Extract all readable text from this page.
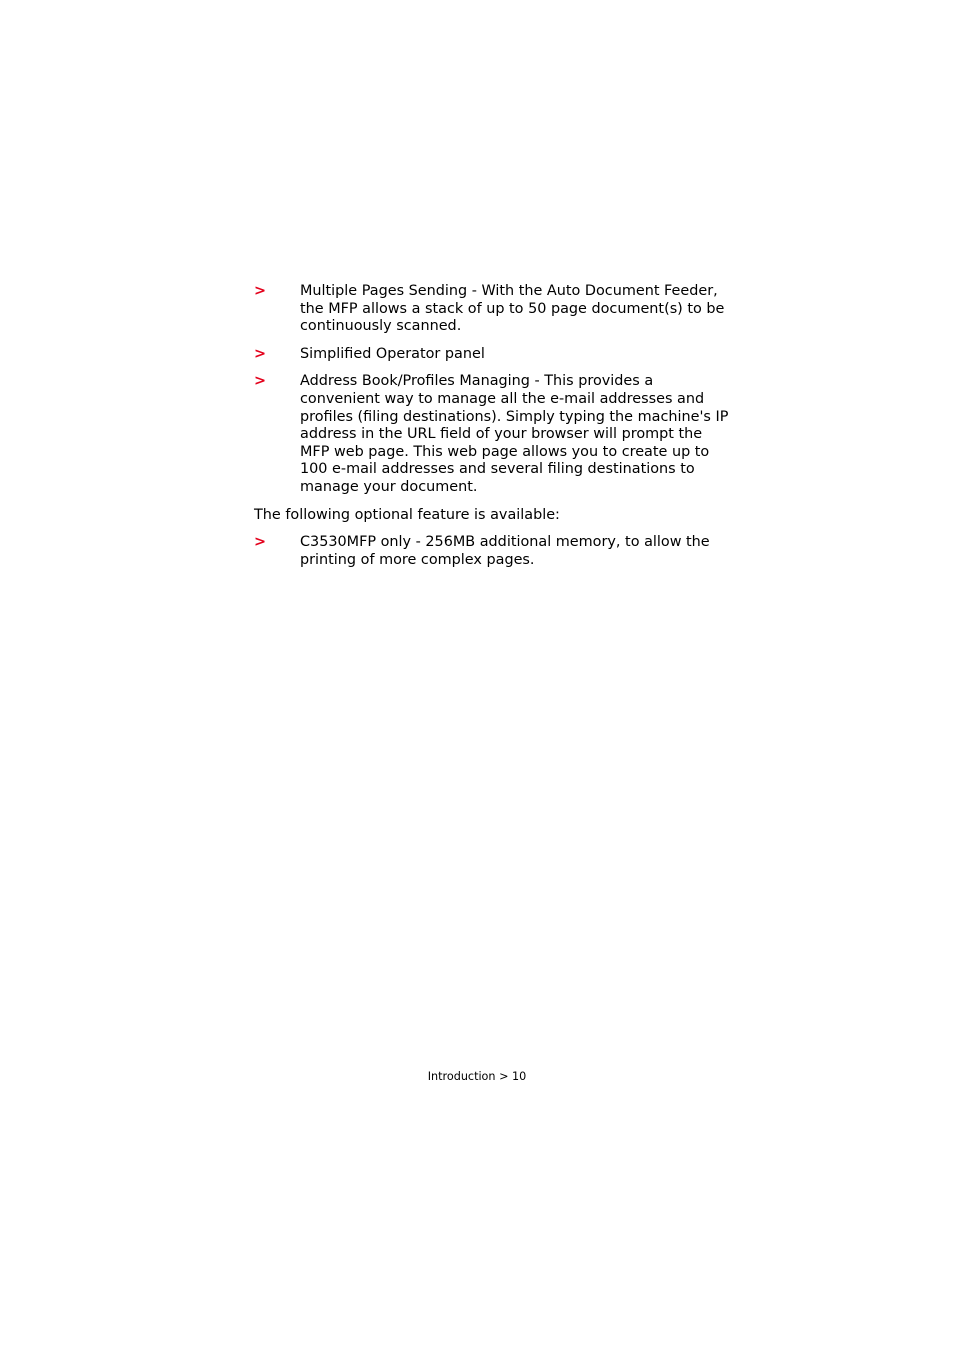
> Multiple Pages Sending - With the Auto Document Feeder, the MFP allows a stack of up to 50 page document(s) to be continuously scanned.
> Simplified Operator panel
> Address Book/Profiles Managing - This provides a convenient way to manage all the e-mail addresses and profiles (filing destinations). Simply typing the machine's IP address in the URL field of your browser will prompt the MFP web page. This web page allows you to create up to 100 e-mail addresses and several filing destinations to manage your document.

The following optional feature is available:

> C3530MFP only - 256MB additional memory, to allow the printing of more complex pages.
Introduction > 10
